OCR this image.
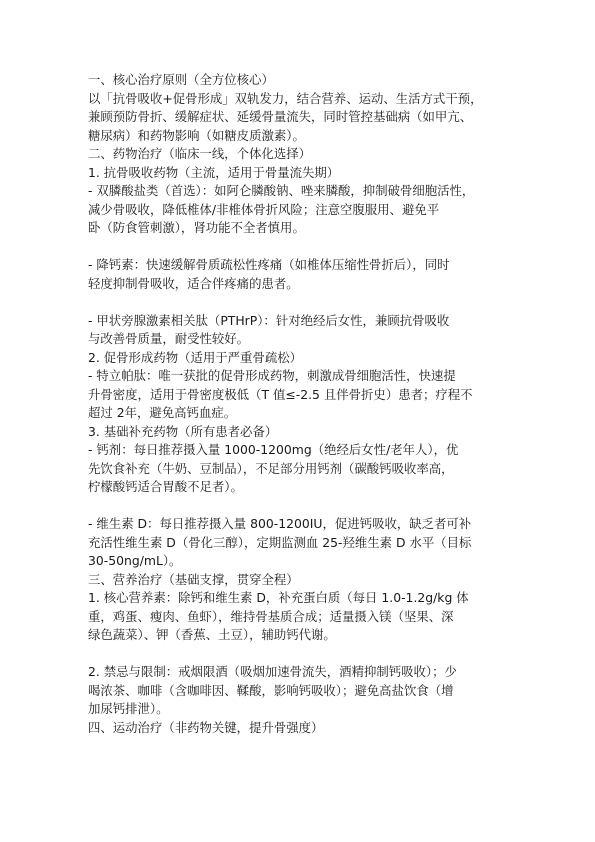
一、核心治疗原则（全方位核心）
以「抗骨吸收+促骨形成」双轨发力，结合营养、运动、生活方式干预，
兼顾预防骨折、缓解症状、延缓骨量流失，同时管控基础病（如甲亢、
糖尿病）和药物影响（如糖皮质激素）。
二、药物治疗（临床一线，个体化选择）
1. 抗骨吸收药物（主流，适用于骨量流失期）
- 双膦酸盐类（首选）：如阿仑膦酸钠、唑来膦酸，抑制破骨细胞活性，
减少骨吸收，降低椎体/非椎体骨折风险；注意空腹服用、避免平
卧（防食管刺激），肾功能不全者慎用。
- 降钙素：快速缓解骨质疏松性疼痛（如椎体压缩性骨折后），同时
轻度抑制骨吸收，适合伴疼痛的患者。
- 甲状旁腺激素相关肽（PTHrP）：针对绝经后女性，兼顾抗骨吸收
与改善骨质量，耐受性较好。
2. 促骨形成药物（适用于严重骨疏松）
- 特立帕肽：唯一获批的促骨形成药物，刺激成骨细胞活性，快速提
升骨密度，适用于骨密度极低（T 值≤-2.5 且伴骨折史）患者；疗程不
超过 2年，避免高钙血症。
3. 基础补充药物（所有患者必备）
- 钙剂：每日推荐摄入量 1000-1200mg（绝经后女性/老年人），优
先饮食补充（牛奶、豆制品），不足部分用钙剂（碳酸钙吸收率高，
柠檬酸钙适合胃酸不足者）。
- 维生素 D：每日推荐摄入量 800-1200IU，促进钙吸收，缺乏者可补
充活性维生素 D（骨化三醇），定期监测血 25-羟维生素 D 水平（目标
30-50ng/mL）。
三、营养治疗（基础支撑，贯穿全程）
1. 核心营养素：除钙和维生素 D，补充蛋白质（每日 1.0-1.2g/kg 体
重，鸡蛋、瘦肉、鱼虾），维持骨基质合成；适量摄入镁（坚果、深
绿色蔬菜）、钾（香蕉、土豆），辅助钙代谢。
2. 禁忌与限制：戒烟限酒（吸烟加速骨流失，酒精抑制钙吸收）；少
喝浓茶、咖啡（含咖啡因、鞣酸，影响钙吸收）；避免高盐饮食（增
加尿钙排泄）。
四、运动治疗（非药物关键，提升骨强度）
